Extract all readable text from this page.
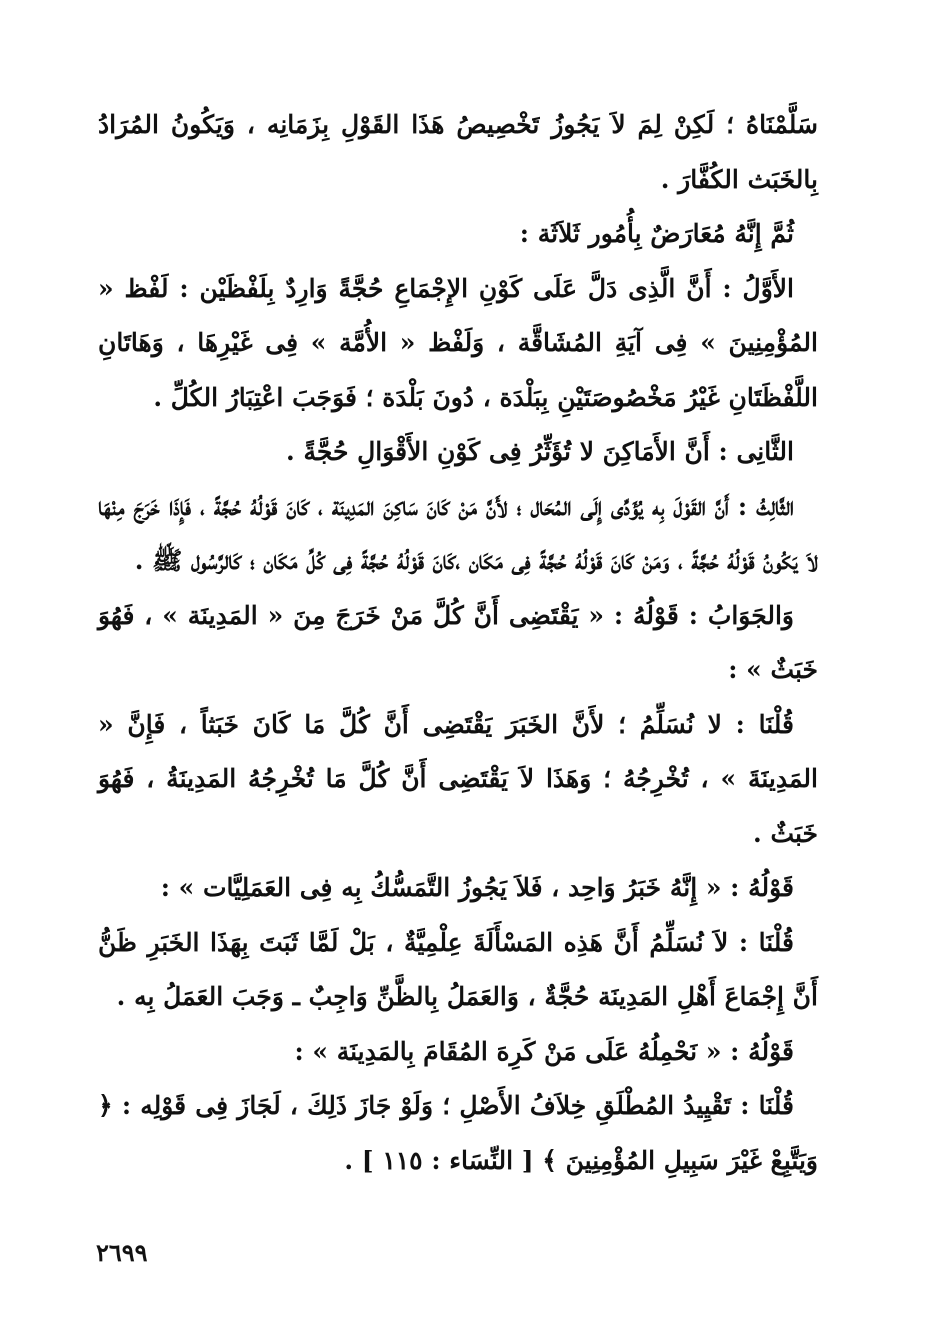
سَلَّمْنَاهُ ؛ لَكِنْ لِمَ لاَ يَجُوزُ تَخْصِيصُ هَذَا القَوْلِ بِزَمَانِه ، وَيَكُونُ المُرَادُ بِالخَبَث الكُفَّارَ .

ثُمَّ إِنَّهُ مُعَارَضٌ بِأُمُور ثَلاَثَة :

الأَوَّلُ : أَنَّ الَّذِى دَلَّ عَلَى كَوْنِ الإِجْمَاعِ حُجَّةً وَارِدٌ بِلَفْظَيْن : لَفْظ « المُؤْمِنِينَ » فِى آيَةِ المُشَاقَّة ، وَلَفْظ « الأُمَّة » فِى غَيْرِهَا ، وَهَاتَانِ اللَّفْظَتَانِ غَيْرُ مَخْصُوصَتَيْنِ بِبَلْدَة ، دُونَ بَلْدَة ؛ فَوَجَبَ اعْتِبَارُ الكُلِّ .

الثَّانِى : أَنَّ الأَمَاكِنَ لا تُؤَثِّرُ فِى كَوْنِ الأَقْوَالِ حُجَّةً .

الثَّالِثُ : أَنَّ القَوْلَ بِه يُؤَدِّى إِلَى المُحَال ؛ لأَنَّ مَنْ كَانَ سَاكِنَ المَدِينَة ، كَانَ قَوْلُهُ حُجَّةً ، فَإِذَا خَرَجَ مِنْهَا لاَ يَكُونُ قَوْلُهُ حُجَّةً ، وَمَنْ كَانَ قَوْلُهُ حُجَّةً فِى مَكَان ،كَانَ قَوْلُهُ حُجَّةً فِى كُلِّ مَكَان ؛ كَالرَّسُول ﷺ .

وَالجَوَابُ : قَوْلُهُ : « يَقْتَضِى أَنَّ كُلَّ مَنْ خَرَجَ مِنَ « المَدِينَة » ، فَهُوَ خَبَثٌ » :

قُلْنَا : لا نُسَلِّمُ ؛ لأَنَّ الخَبَرَ يَقْتَضِى أَنَّ كُلَّ مَا كَانَ خَبَثاً ، فَإِنَّ « المَدِينَةَ » ، تُخْرِجُهُ ؛ وَهَذَا لاَ يَقْتَضِى أَنَّ كُلَّ مَا تُخْرِجُهُ المَدِينَةُ ، فَهُوَ خَبَثٌ .

قَوْلُهُ : « إِنَّهُ خَبَرُ وَاحِد ، فَلاَ يَجُوزُ التَّمَسُّكُ بِه فِى العَمَلِيَّات » :

قُلْنَا : لاَ نُسَلِّمُ أَنَّ هَذِه المَسْأَلَةَ عِلْمِيَّةٌ ، بَلْ لَمَّا ثَبَتَ بِهَذَا الخَبَرِ ظَنُّ أَنَّ إِجْمَاعَ أَهْلِ المَدِينَة حُجَّةٌ ، وَالعَمَلُ بِالظَّنِّ وَاجِبٌ ـ وَجَبَ العَمَلُ بِه .

قَوْلُهُ : « نَحْمِلُهُ عَلَى مَنْ كَرِهَ المُقَامَ بِالمَدِينَة » :

قُلْنَا : تَقْيِيدُ المُطْلَقِ خِلاَفُ الأَصْلِ ؛ وَلَوْ جَازَ ذَلِكَ ، لَجَازَ فِى قَوْلِه : ﴿ وَيَتَّبِعْ غَيْرَ سَبِيلِ المُؤْمِنِينَ ﴾ [ النِّسَاء : ١١٥ ] .

٢٦٩٩
